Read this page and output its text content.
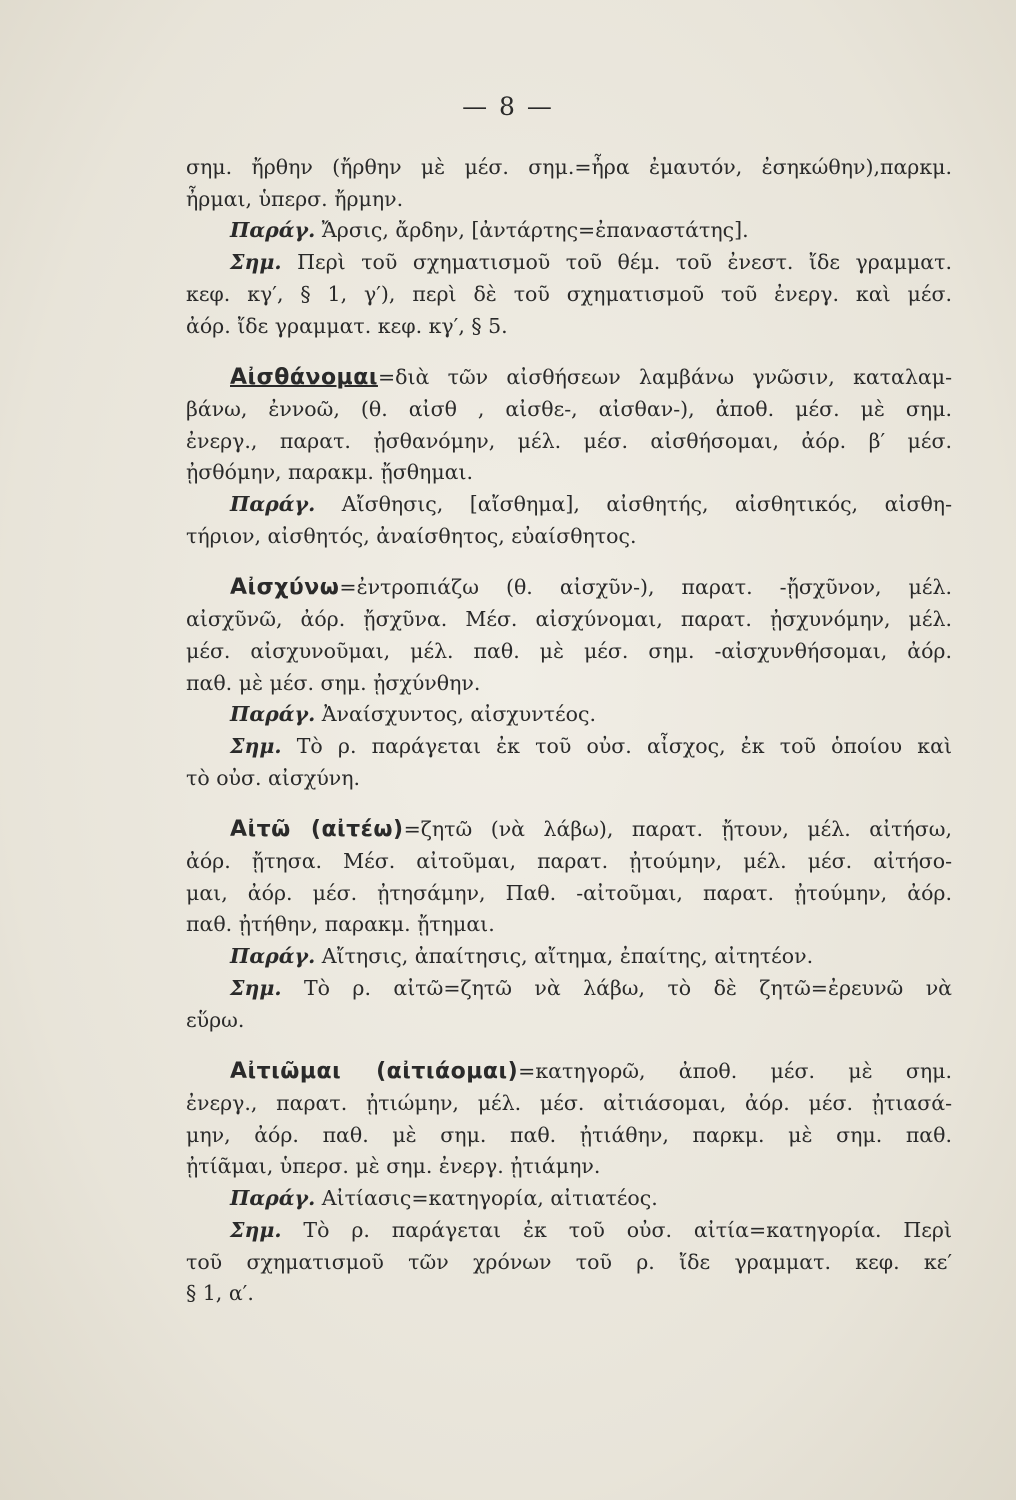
— 8 —
σημ. ἤρθην (ἤρθην μὲ μέσ. σημ.=ἦρα ἐμαυτόν, ἐσηκώθην),παρκμ.
ἦρμαι, ὑπερσ. ἤρμην.
Παράγ. Ἄρσις, ἄρδην, [ἀντάρτης=ἐπαναστάτης].
Σημ. Περὶ τοῦ σχηματισμοῦ τοῦ θέμ. τοῦ ἐνεστ. ἴδε γραμματ.
κεφ. κγ′, § 1, γ′), περὶ δὲ τοῦ σχηματισμοῦ τοῦ ἐνεργ. καὶ μέσ.
ἀόρ. ἴδε γραμματ. κεφ. κγ′, § 5.
Αἰσθάνομαι=διὰ τῶν αἰσθήσεων λαμβάνω γνῶσιν, καταλαμ-
βάνω, ἐννοῶ, (θ. αἰσθ , αἰσθε-, αἰσθαν-), ἀποθ. μέσ. μὲ σημ.
ἐνεργ., παρατ. ᾐσθανόμην, μέλ. μέσ. αἰσθήσομαι, ἀόρ. β′ μέσ.
ᾐσθόμην, παρακμ. ᾔσθημαι.
Παράγ. Αἴσθησις, [αἴσθημα], αἰσθητής, αἰσθητικός, αἰσθη-
τήριον, αἰσθητός, ἀναίσθητος, εὐαίσθητος.
Αἰσχύνω=ἐντροπιάζω (θ. αἰσχῦν-), παρατ. -ᾔσχῦνον, μέλ.
αἰσχῦνῶ, ἀόρ. ᾔσχῦνα. Μέσ. αἰσχύνομαι, παρατ. ᾐσχυνόμην, μέλ.
μέσ. αἰσχυνοῦμαι, μέλ. παθ. μὲ μέσ. σημ. -αἰσχυνθήσομαι, ἀόρ.
παθ. μὲ μέσ. σημ. ᾐσχύνθην.
Παράγ. Ἀναίσχυντος, αἰσχυντέος.
Σημ. Τὸ ρ. παράγεται ἐκ τοῦ οὐσ. αἶσχος, ἐκ τοῦ ὁποίου καὶ
τὸ οὐσ. αἰσχύνη.
Αἰτῶ (αἰτέω)=ζητῶ (νὰ λάβω), παρατ. ᾔτουν, μέλ. αἰτήσω,
ἀόρ. ᾔτησα. Μέσ. αἰτοῦμαι, παρατ. ᾐτούμην, μέλ. μέσ. αἰτήσο-
μαι, ἀόρ. μέσ. ᾐτησάμην, Παθ. -αἰτοῦμαι, παρατ. ᾐτούμην, ἀόρ.
παθ. ᾐτήθην, παρακμ. ᾔτημαι.
Παράγ. Αἴτησις, ἀπαίτησις, αἴτημα, ἐπαίτης, αἰτητέον.
Σημ. Τὸ ρ. αἰτῶ=ζητῶ νὰ λάβω, τὸ δὲ ζητῶ=ἐρευνῶ νὰ
εὕρω.
Αἰτιῶμαι (αἰτιάομαι)=κατηγορῶ, ἀποθ. μέσ. μὲ σημ.
ἐνεργ., παρατ. ᾐτιώμην, μέλ. μέσ. αἰτιάσομαι, ἀόρ. μέσ. ᾐτιασά-
μην, ἀόρ. παθ. μὲ σημ. παθ. ᾐτιάθην, παρκμ. μὲ σημ. παθ.
ᾐτίᾶμαι, ὑπερσ. μὲ σημ. ἐνεργ. ᾐτιάμην.
Παράγ. Αἰτίασις=κατηγορία, αἰτιατέος.
Σημ. Τὸ ρ. παράγεται ἐκ τοῦ οὐσ. αἰτία=κατηγορία. Περὶ
τοῦ σχηματισμοῦ τῶν χρόνων τοῦ ρ. ἴδε γραμματ. κεφ. κε′
§ 1, α′.
